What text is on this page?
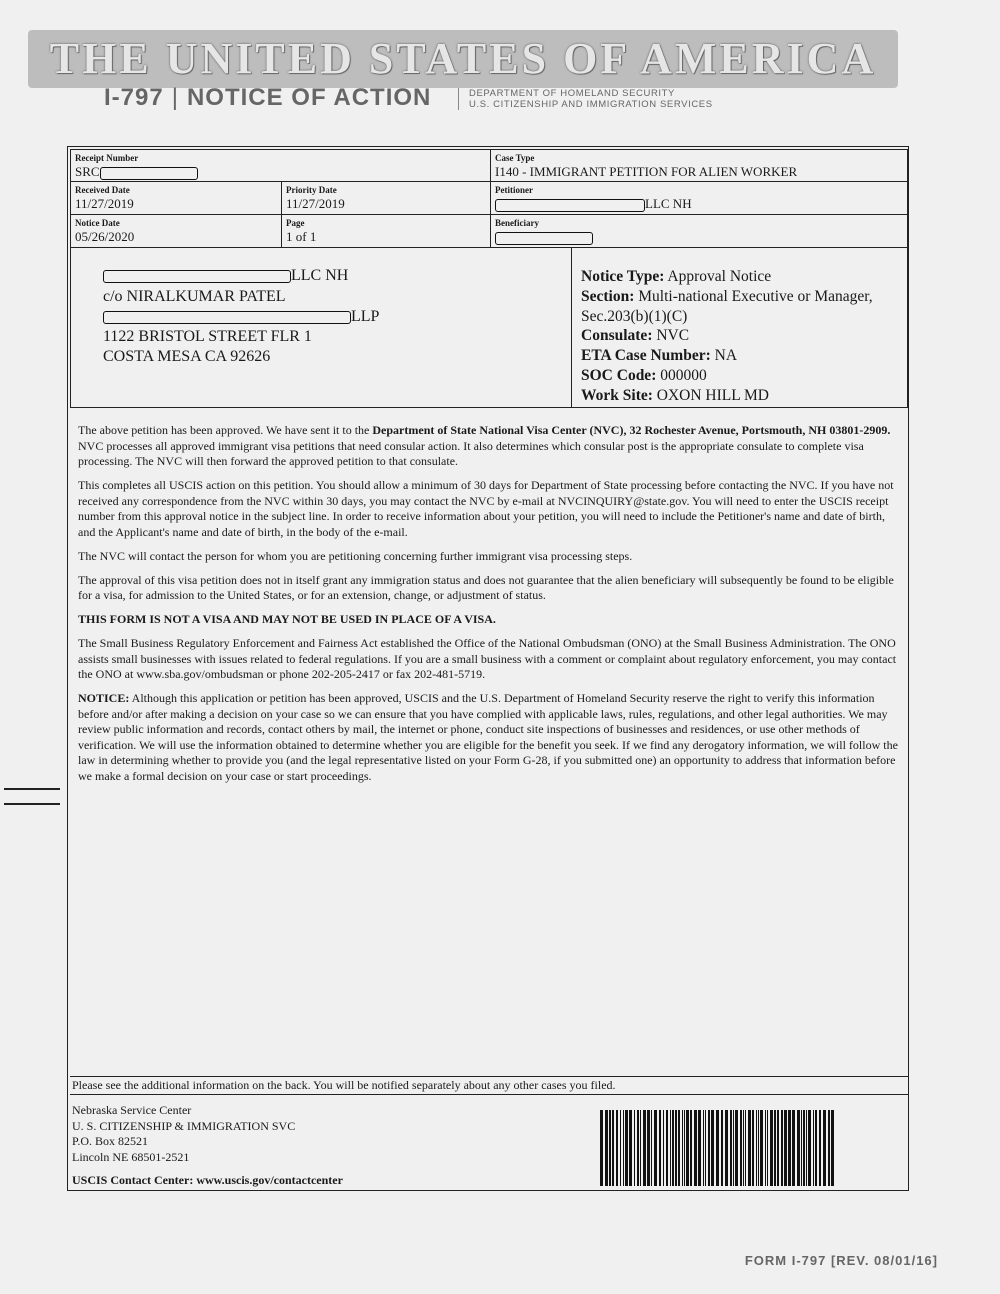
THE UNITED STATES OF AMERICA
I-797 | NOTICE OF ACTION	DEPARTMENT OF HOMELAND SECURITY
U.S. CITIZENSHIP AND IMMIGRATION SERVICES
Receipt Number
SRC
Case Type
I140 - IMMIGRANT PETITION FOR ALIEN WORKER
Received Date
11/27/2019
Priority Date
11/27/2019
Petitioner
LLC NH
Notice Date
05/26/2020
Page
1 of 1
Beneficiary
LLC NH
c/o NIRALKUMAR PATEL
LLP
1122 BRISTOL STREET FLR 1
COSTA MESA CA 92626
Notice Type: Approval Notice
Section: Multi-national Executive or Manager,
Sec.203(b)(1)(C)
Consulate: NVC
ETA Case Number: NA
SOC Code: 000000
Work Site: OXON HILL MD

The above petition has been approved. We have sent it to the Department of State National Visa Center (NVC), 32 Rochester Avenue, Portsmouth, NH 03801-2909. NVC processes all approved immigrant visa petitions that need consular action. It also determines which consular post is the appropriate consulate to complete visa processing. The NVC will then forward the approved petition to that consulate.

This completes all USCIS action on this petition. You should allow a minimum of 30 days for Department of State processing before contacting the NVC. If you have not received any correspondence from the NVC within 30 days, you may contact the NVC by e-mail at NVCINQUIRY@state.gov. You will need to enter the USCIS receipt number from this approval notice in the subject line. In order to receive information about your petition, you will need to include the Petitioner's name and date of birth, and the Applicant's name and date of birth, in the body of the e-mail.

The NVC will contact the person for whom you are petitioning concerning further immigrant visa processing steps.

The approval of this visa petition does not in itself grant any immigration status and does not guarantee that the alien beneficiary will subsequently be found to be eligible for a visa, for admission to the United States, or for an extension, change, or adjustment of status.

THIS FORM IS NOT A VISA AND MAY NOT BE USED IN PLACE OF A VISA.

The Small Business Regulatory Enforcement and Fairness Act established the Office of the National Ombudsman (ONO) at the Small Business Administration. The ONO assists small businesses with issues related to federal regulations. If you are a small business with a comment or complaint about regulatory enforcement, you may contact the ONO at www.sba.gov/ombudsman or phone 202-205-2417 or fax 202-481-5719.

NOTICE: Although this application or petition has been approved, USCIS and the U.S. Department of Homeland Security reserve the right to verify this information before and/or after making a decision on your case so we can ensure that you have complied with applicable laws, rules, regulations, and other legal authorities. We may review public information and records, contact others by mail, the internet or phone, conduct site inspections of businesses and residences, or use other methods of verification. We will use the information obtained to determine whether you are eligible for the benefit you seek. If we find any derogatory information, we will follow the law in determining whether to provide you (and the legal representative listed on your Form G-28, if you submitted one) an opportunity to address that information before we make a formal decision on your case or start proceedings.

Please see the additional information on the back. You will be notified separately about any other cases you filed.
Nebraska Service Center
U. S. CITIZENSHIP & IMMIGRATION SVC
P.O. Box 82521
Lincoln NE 68501-2521
USCIS Contact Center: www.uscis.gov/contactcenter
FORM I-797 [REV. 08/01/16]
